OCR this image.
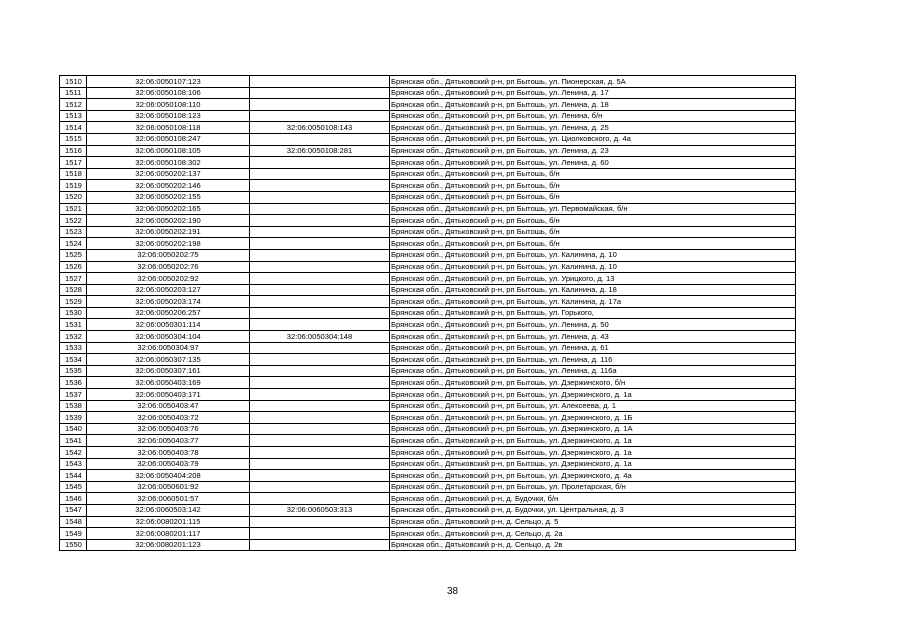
1510	32:06:0050107:123		Брянская обл., Дятьковский р-н, рп Бытошь, ул. Пионерская, д. 5А
1511	32:06:0050108:106		Брянская обл., Дятьковский р-н, рп Бытошь, ул. Ленина, д. 17
1512	32:06:0050108:110		Брянская обл., Дятьковский р-н, рп Бытошь, ул. Ленина, д. 18
1513	32:06:0050108:123		Брянская обл., Дятьковский р-н, рп Бытошь, ул. Ленина, б/н
1514	32:06:0050108:118	32:06:0050108:143	Брянская обл., Дятьковский р-н, рп Бытошь, ул. Ленина, д. 25
1515	32:06:0050108:247		Брянская обл., Дятьковский р-н, рп Бытошь, ул. Циолковского, д. 4а
1516	32:06:0050108:105	32:06:0050108:281	Брянская обл., Дятьковский р-н, рп Бытошь, ул. Ленина, д. 23
1517	32:06:0050108:302		Брянская обл., Дятьковский р-н, рп Бытошь, ул. Ленина, д. 60
1518	32:06:0050202:137		Брянская обл., Дятьковский р-н, рп Бытошь, б/н
1519	32:06:0050202:146		Брянская обл., Дятьковский р-н, рп Бытошь, б/н
1520	32:06:0050202:155		Брянская обл., Дятьковский р-н, рп Бытошь, б/н
1521	32:06:0050202:165		Брянская обл., Дятьковский р-н, рп Бытошь, ул. Первомайская, б/н
1522	32:06:0050202:190		Брянская обл., Дятьковский р-н, рп Бытошь, б/н
1523	32:06:0050202:191		Брянская обл., Дятьковский р-н, рп Бытошь, б/н
1524	32:06:0050202:198		Брянская обл., Дятьковский р-н, рп Бытошь, б/н
1525	32:06:0050202:75		Брянская обл., Дятьковский р-н, рп Бытошь, ул. Калинина, д. 10
1526	32:06:0050202:76		Брянская обл., Дятьковский р-н, рп Бытошь, ул. Калинина, д. 10
1527	32:06:0050202:92		Брянская обл., Дятьковский р-н, рп Бытошь, ул. Урицкого, д. 13
1528	32:06:0050203:127		Брянская обл., Дятьковский р-н, рп Бытошь, ул. Калинина, д. 18
1529	32:06:0050203:174		Брянская обл., Дятьковский р-н, рп Бытошь, ул. Калинина, д. 17а
1530	32:06:0050206:257		Брянская обл., Дятьковский р-н, рп Бытошь, ул. Горького,
1531	32:06:0050301:114		Брянская обл., Дятьковский р-н, рп Бытошь, ул. Ленина, д. 50
1532	32:06:0050304:104	32:06:0050304:148	Брянская обл., Дятьковский р-н, рп Бытошь, ул. Ленина, д. 43
1533	32:06:0050304:97		Брянская обл., Дятьковский р-н, рп Бытошь, ул. Ленина, д. 61
1534	32:06:0050307:135		Брянская обл., Дятьковский р-н, рп Бытошь, ул. Ленина, д. 116
1535	32:06:0050307:161		Брянская обл., Дятьковский р-н, рп Бытошь, ул. Ленина, д. 116а
1536	32:06:0050403:169		Брянская обл., Дятьковский р-н, рп Бытошь, ул. Дзержинского, б/н
1537	32:06:0050403:171		Брянская обл., Дятьковский р-н, рп Бытошь, ул. Дзержинского, д. 1а
1538	32:06:0050403:47		Брянская обл., Дятьковский р-н, рп Бытошь, ул. Алексеева, д. 1
1539	32:06:0050403:72		Брянская обл., Дятьковский р-н, рп Бытошь, ул. Дзержинского, д. 1Б
1540	32:06:0050403:76		Брянская обл., Дятьковский р-н, рп Бытошь, ул. Дзержинского, д. 1А
1541	32:06:0050403:77		Брянская обл., Дятьковский р-н, рп Бытошь, ул. Дзержинского, д. 1а
1542	32:06:0050403:78		Брянская обл., Дятьковский р-н, рп Бытошь, ул. Дзержинского, д. 1а
1543	32:06:0050403:79		Брянская обл., Дятьковский р-н, рп Бытошь, ул. Дзержинского, д. 1а
1544	32:06:0050404:208		Брянская обл., Дятьковский р-н, рп Бытошь, ул. Дзержинского, д. 4а
1545	32:06:0050601:92		Брянская обл., Дятьковский р-н, рп Бытошь, ул. Пролетарская, б/н
1546	32:06:0060501:57		Брянская обл., Дятьковский р-н, д. Будочки, б/н
1547	32:06:0060503:142	32:06:0060503:313	Брянская обл., Дятьковский р-н, д. Будочки, ул. Центральная, д. 3
1548	32:06:0080201:115		Брянская обл., Дятьковский р-н, д. Сельцо, д. 5
1549	32:06:0080201:117		Брянская обл., Дятьковский р-н, д. Сельцо, д. 2а
1550	32:06:0080201:123		Брянская обл., Дятьковский р-н, д. Сельцо, д. 2в
38
